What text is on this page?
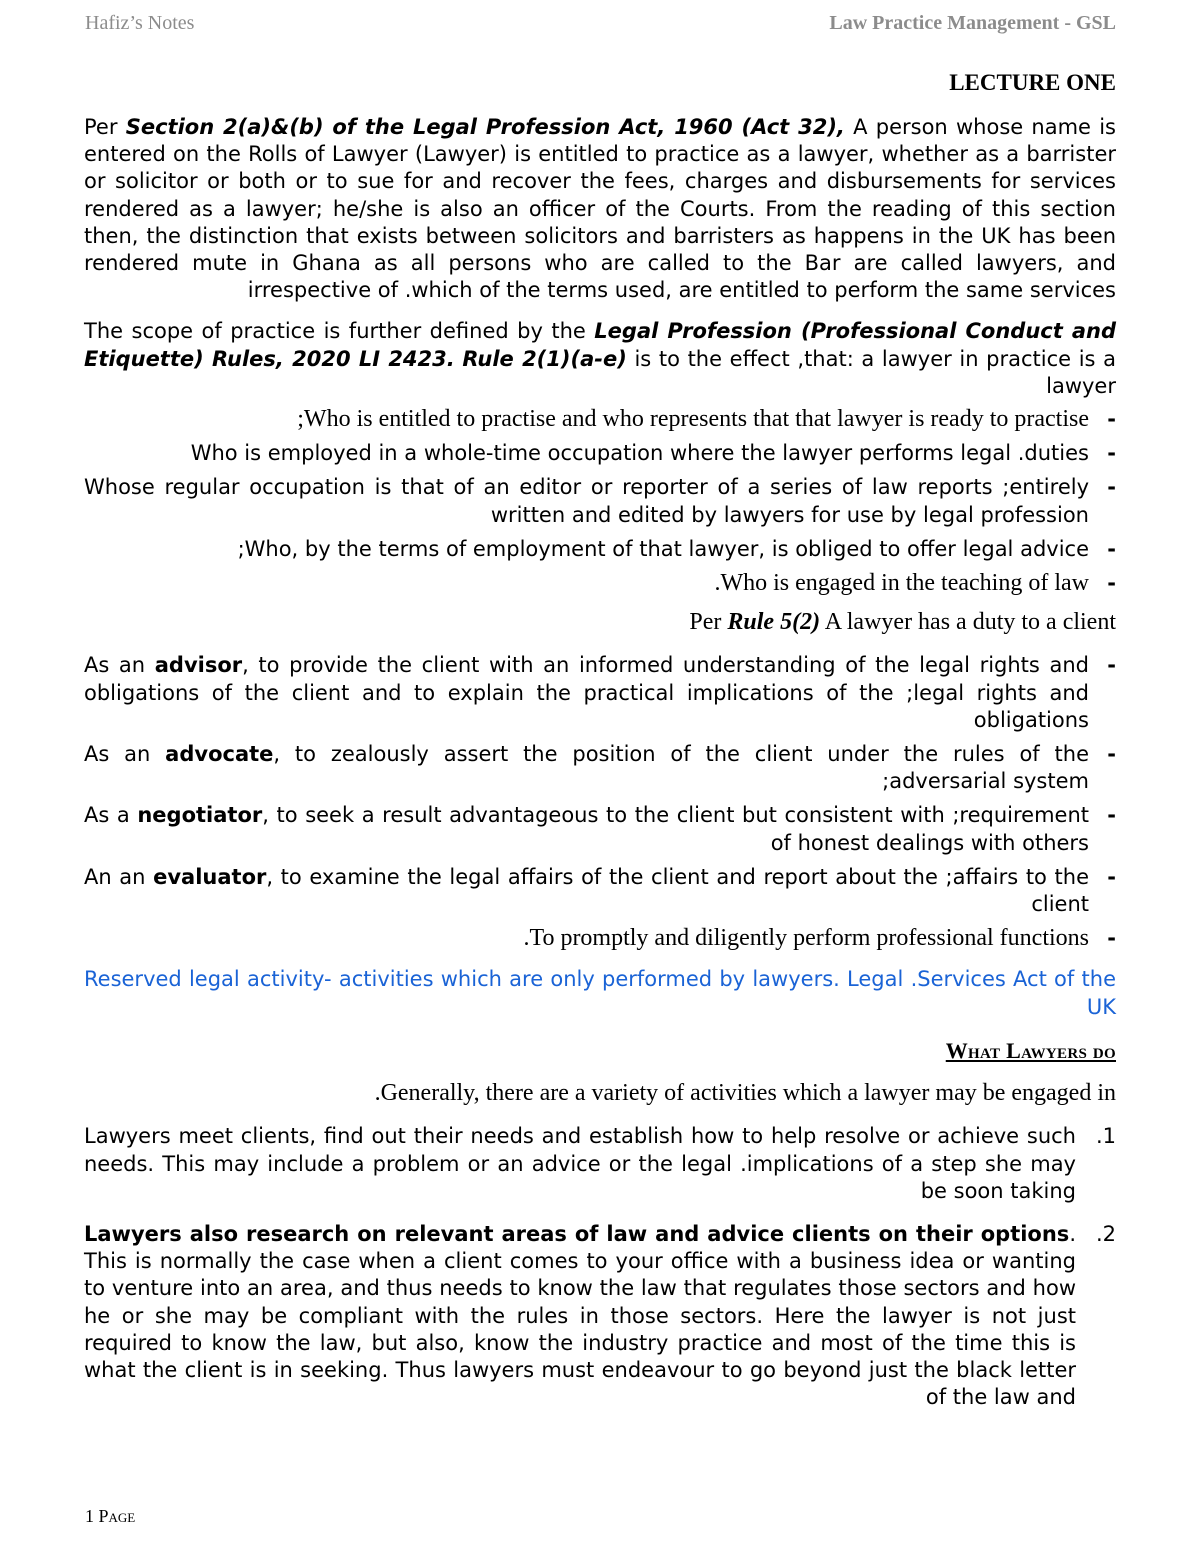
Hafiz’s Notes	Law Practice Management - GSL

LECTURE ONE

Per Section 2(a)&(b) of the Legal Profession Act, 1960 (Act 32), A person whose name is entered on the Rolls of Lawyer (Lawyer) is entitled to practice as a lawyer, whether as a barrister or solicitor or both or to sue for and recover the fees, charges and disbursements for services rendered as a lawyer; he/she is also an officer of the Courts. From the reading of this section then, the distinction that exists between solicitors and barristers as happens in the UK has been rendered mute in Ghana as all persons who are called to the Bar are called lawyers, and irrespective of .which of the terms used, are entitled to perform the same services

The scope of practice is further defined by the Legal Profession (Professional Conduct and Etiquette) Rules, 2020 LI 2423. Rule 2(1)(a-e) is to the effect ,that: a lawyer in practice is a lawyer

;Who is entitled to practise and who represents that that lawyer is ready to practise -
Who is employed in a whole-time occupation where the lawyer performs legal .duties -
Whose regular occupation is that of an editor or reporter of a series of law reports ;entirely written and edited by lawyers for use by legal profession
-
;Who, by the terms of employment of that lawyer, is obliged to offer legal advice -
.Who is engaged in the teaching of law -

Per Rule 5(2) A lawyer has a duty to a client

As an advisor, to provide the client with an informed understanding of the legal rights and obligations of the client and to explain the practical implications of the ;legal rights and obligations
-
As an advocate, to zealously assert the position of the client under the rules of the ;adversarial system
-
As a negotiator, to seek a result advantageous to the client but consistent with ;requirement of honest dealings with others
-
An an evaluator, to examine the legal affairs of the client and report about the ;affairs to the client
-
.To promptly and diligently perform professional functions -

Reserved legal activity- activities which are only performed by lawyers. Legal .Services Act of the UK

What Lawyers do

.Generally, there are a variety of activities which a lawyer may be engaged in

Lawyers meet clients, find out their needs and establish how to help resolve or achieve such needs. This may include a problem or an advice or the legal .implications of a step she may be soon taking
.1
Lawyers also research on relevant areas of law and advice clients on their options. This is normally the case when a client comes to your office with a business idea or wanting to venture into an area, and thus needs to know the law that regulates those sectors and how he or she may be compliant with the rules in those sectors. Here the lawyer is not just required to know the law, but also, know the industry practice and most of the time this is what the client is in seeking. Thus lawyers must endeavour to go beyond just the black letter of the law and
.2
1 Page
